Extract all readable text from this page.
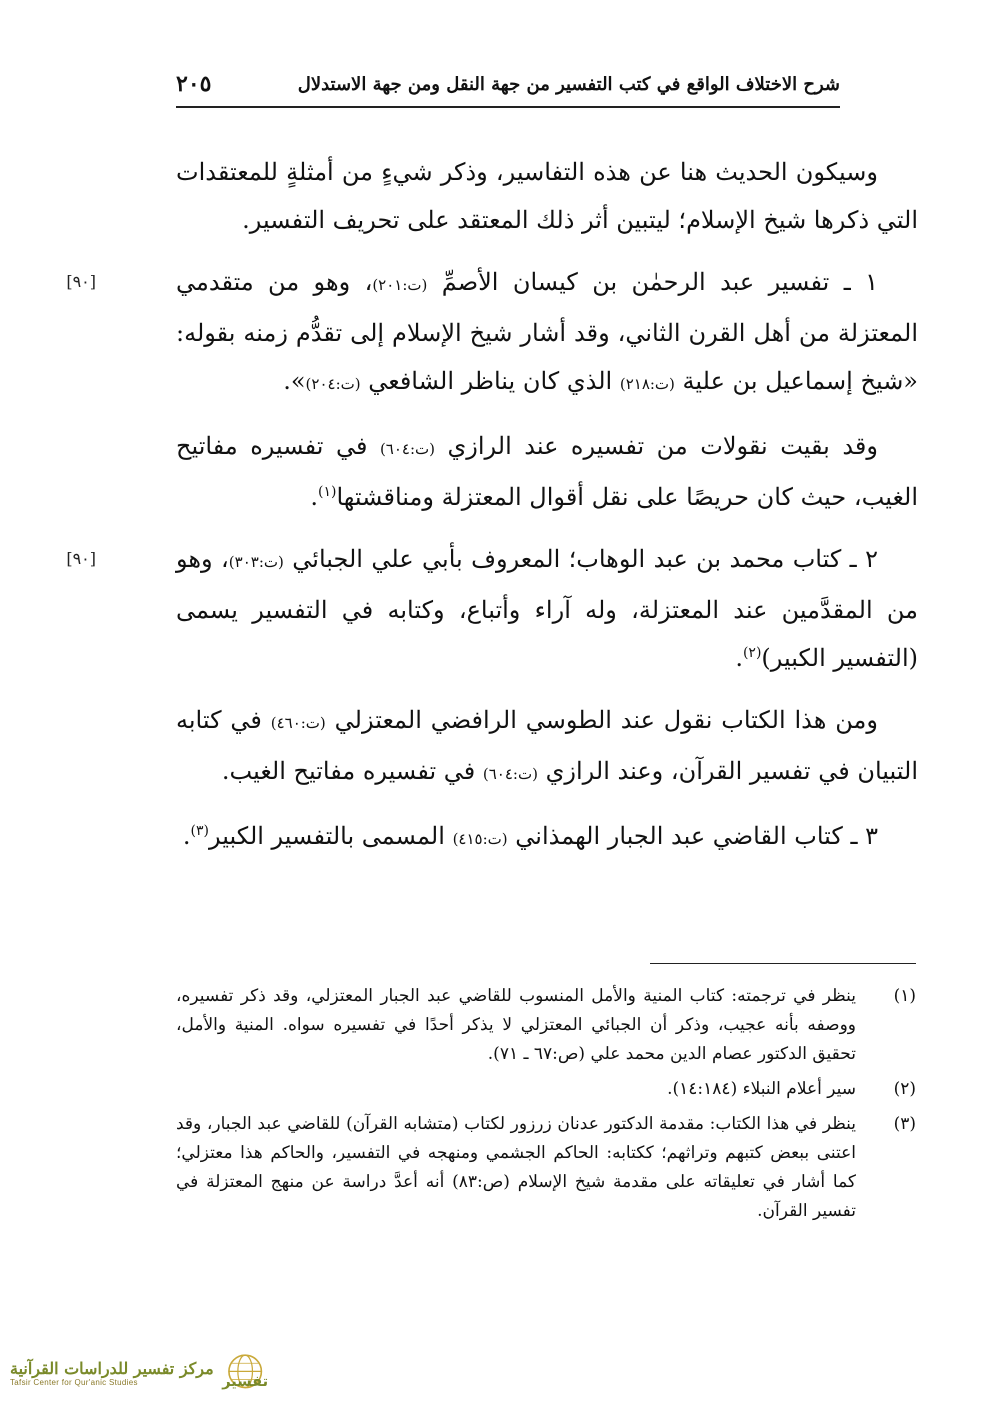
شرح الاختلاف الواقع في كتب التفسير من جهة النقل ومن جهة الاستدلال
٢٠٥

وسيكون الحديث هنا عن هذه التفاسير، وذكر شيءٍ من أمثلةٍ للمعتقدات التي ذكرها شيخ الإسلام؛ ليتبين أثر ذلك المعتقد على تحريف التفسير.

[٩٠]	١ ـ تفسير عبد الرحمٰن بن كيسان الأصمِّ (ت:٢٠١)، وهو من متقدمي المعتزلة من أهل القرن الثاني، وقد أشار شيخ الإسلام إلى تقدُّم زمنه بقوله: «شيخ إسماعيل بن علية (ت:٢١٨) الذي كان يناظر الشافعي (ت:٢٠٤)».

وقد بقيت نقولات من تفسيره عند الرازي (ت:٦٠٤) في تفسيره مفاتيح الغيب، حيث كان حريصًا على نقل أقوال المعتزلة ومناقشتها$^{(١)}$.

[٩٠]	٢ ـ كتاب محمد بن عبد الوهاب؛ المعروف بأبي علي الجبائي (ت:٣٠٣)، وهو من المقدَّمين عند المعتزلة، وله آراء وأتباع، وكتابه في التفسير يسمى (التفسير الكبير)$^{(٢)}$.

ومن هذا الكتاب نقول عند الطوسي الرافضي المعتزلي (ت:٤٦٠) في كتابه التبيان في تفسير القرآن، وعند الرازي (ت:٦٠٤) في تفسيره مفاتيح الغيب.

٣ ـ كتاب القاضي عبد الجبار الهمذاني (ت:٤١٥) المسمى بالتفسير الكبير$^{(٣)}$.

(١)
ينظر في ترجمته: كتاب المنية والأمل المنسوب للقاضي عبد الجبار المعتزلي، وقد ذكر تفسيره، ووصفه بأنه عجيب، وذكر أن الجبائي المعتزلي لا يذكر أحدًا في تفسيره سواه. المنية والأمل، تحقيق الدكتور عصام الدين محمد علي (ص:٦٧ ـ ٧١).
(٢)
سير أعلام النبلاء (١٤:١٨٤).
(٣)
ينظر في هذا الكتاب: مقدمة الدكتور عدنان زرزور لكتاب (متشابه القرآن) للقاضي عبد الجبار، وقد اعتنى ببعض كتبهم وتراثهم؛ ككتابه: الحاكم الجشمي ومنهجه في التفسير، والحاكم هذا معتزلي؛ كما أشار في تعليقاته على مقدمة شيخ الإسلام (ص:٨٣) أنه أعدَّ دراسة عن منهج المعتزلة في تفسير القرآن.
مركز تفسير للدراسات القرآنية
Tafsir Center for Qur'anic Studies	تفسير
